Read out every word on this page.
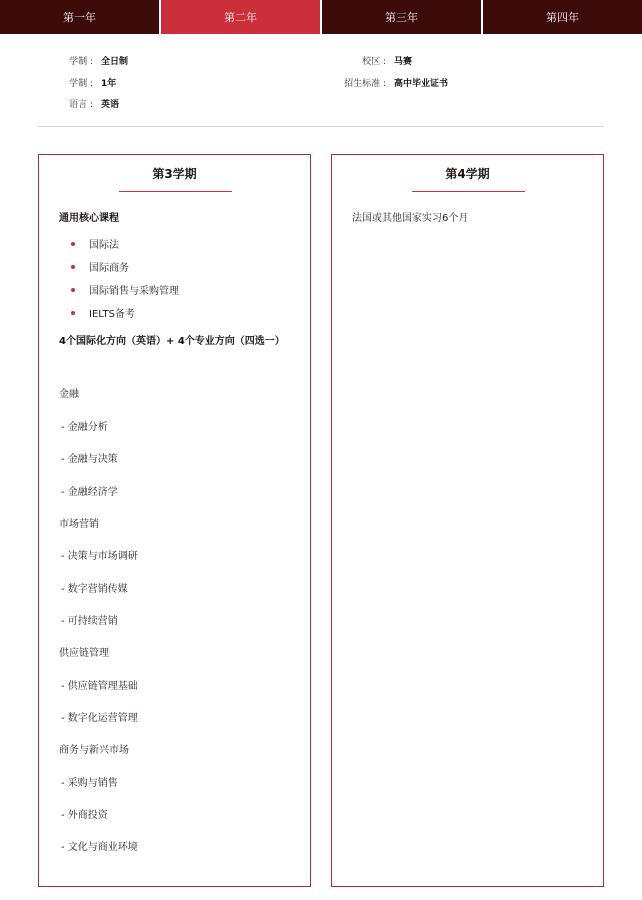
第一年	第二年	第三年	第四年
学制 : 全日制
学制 : 1年
语言 : 英语
校区 : 马赛
招生标准 : 高中毕业证书
第3学期
通用核心课程
国际法
国际商务
国际销售与采购管理
IELTS备考
4个国际化方向（英语）+ 4个专业方向（四选一）
金融
- 金融分析
- 金融与决策
- 金融经济学
市场营销
- 决策与市场调研
- 数字营销传媒
- 可持续营销
供应链管理
- 供应链管理基础
- 数字化运营管理
商务与新兴市场
- 采购与销售
- 外商投资
- 文化与商业环境
第4学期
法国或其他国家实习6个月
